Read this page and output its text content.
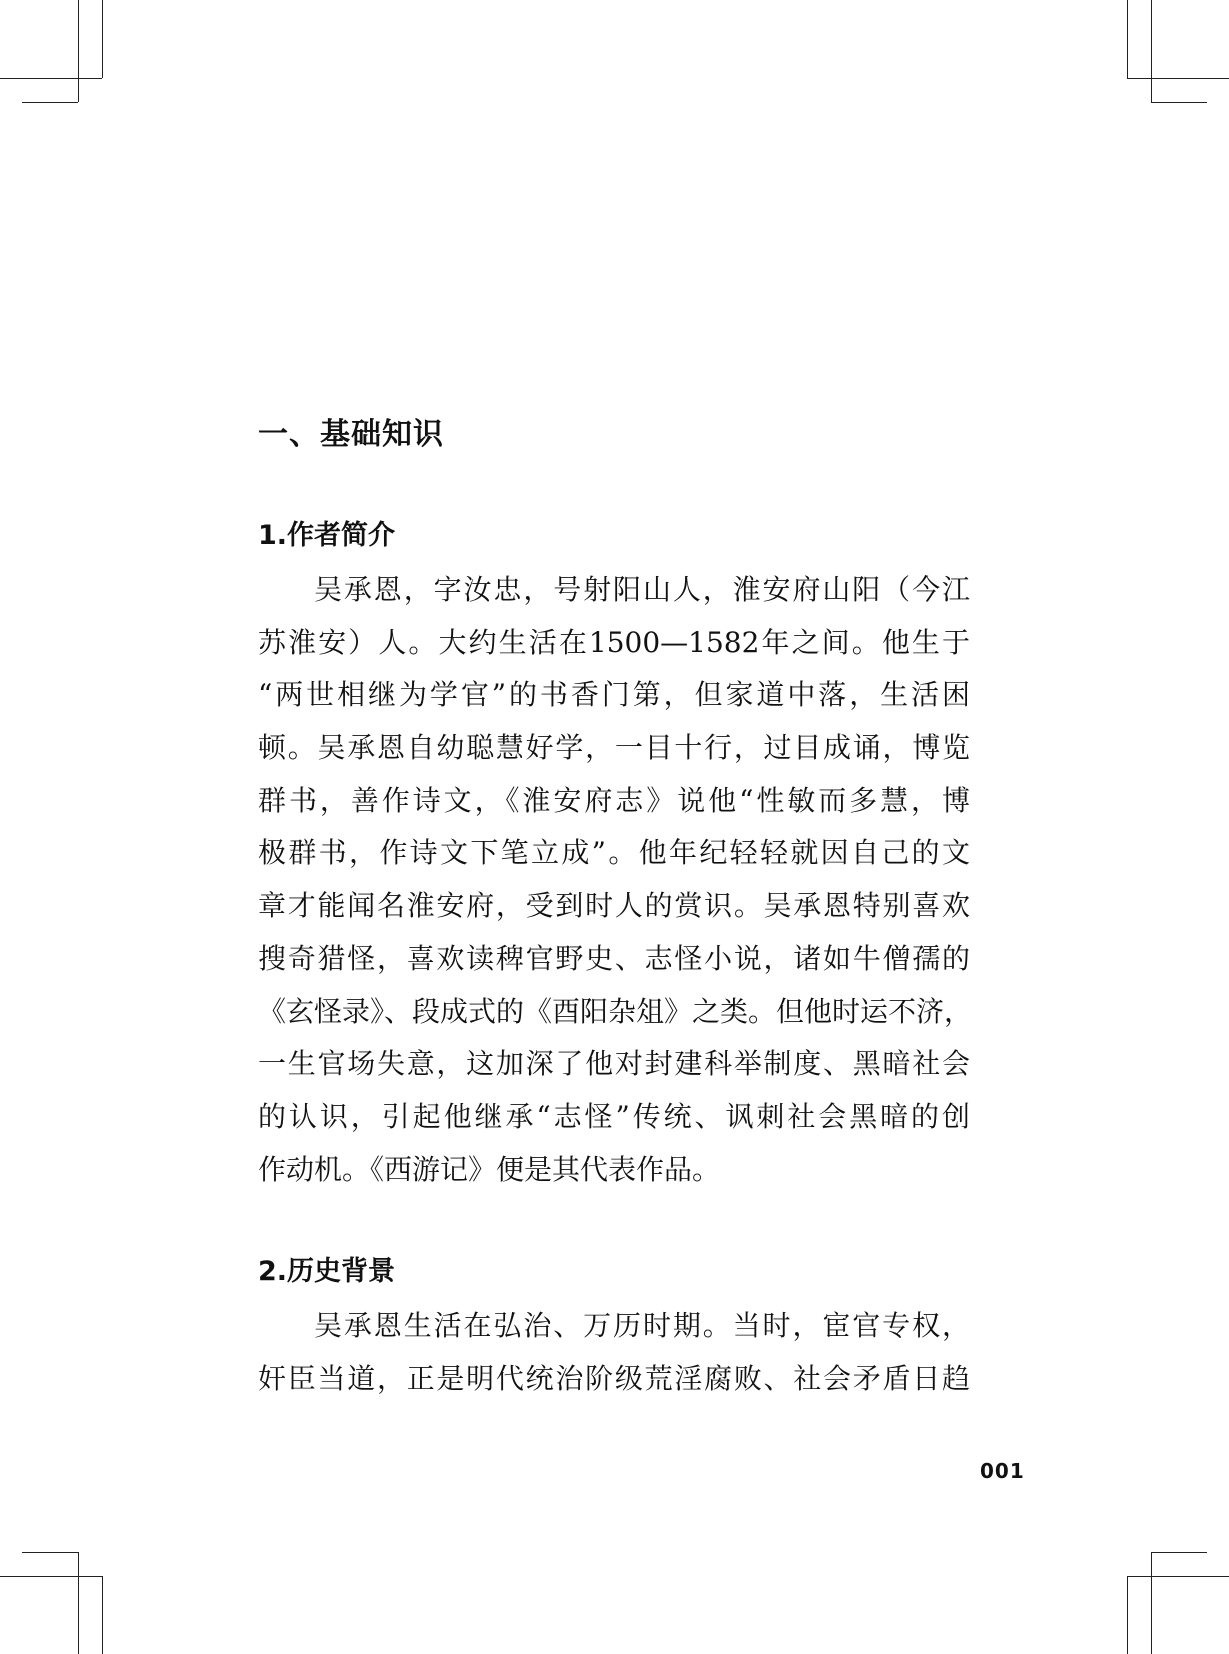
一、基础知识
1.作者简介
吴承恩，字汝忠，号射阳山人，淮安府山阳（今江
苏淮安）人。大约生活在1500—1582年之间。他生于
“两世相继为学官”的书香门第，但家道中落，生活困
顿。吴承恩自幼聪慧好学，一目十行，过目成诵，博览
群书，善作诗文，《淮安府志》说他“性敏而多慧，博
极群书，作诗文下笔立成”。他年纪轻轻就因自己的文
章才能闻名淮安府，受到时人的赏识。吴承恩特别喜欢
搜奇猎怪，喜欢读稗官野史、志怪小说，诸如牛僧孺的
《玄怪录》、段成式的《酉阳杂俎》之类。但他时运不济，
一生官场失意，这加深了他对封建科举制度、黑暗社会
的认识，引起他继承“志怪”传统、讽刺社会黑暗的创
作动机。《西游记》便是其代表作品。
2.历史背景
吴承恩生活在弘治、万历时期。当时，宦官专权，
奸臣当道，正是明代统治阶级荒淫腐败、社会矛盾日趋
001
